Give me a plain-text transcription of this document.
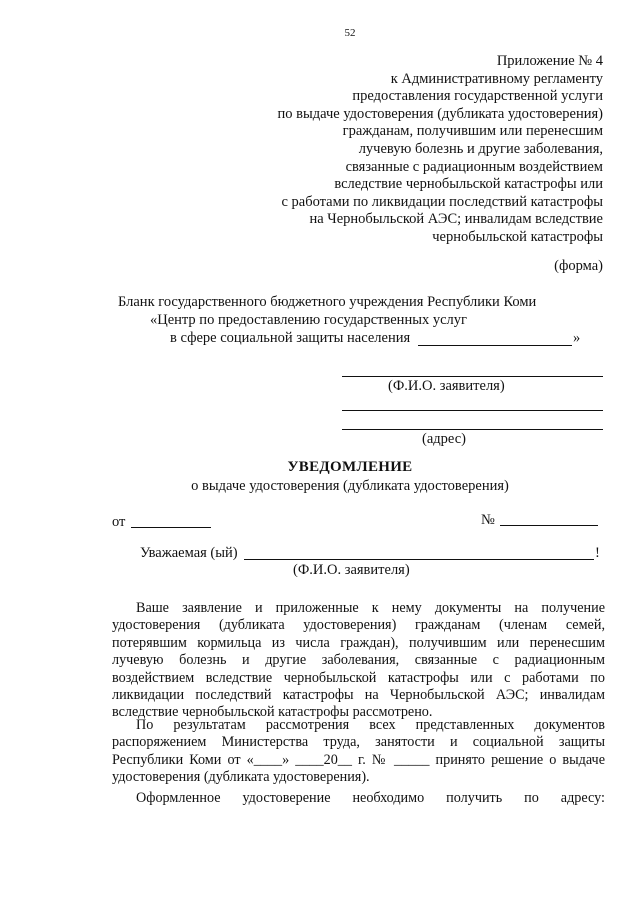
52
Приложение № 4
к Административному регламенту
предоставления государственной услуги
по выдаче удостоверения (дубликата удостоверения)
гражданам, получившим или перенесшим
лучевую болезнь и другие заболевания,
связанные с радиационным воздействием
вследствие чернобыльской катастрофы или
с работами по ликвидации последствий катастрофы
на Чернобыльской АЭС; инвалидам вследствие
чернобыльской катастрофы
(форма)
Бланк государственного бюджетного учреждения Республики Коми
«Центр по предоставлению государственных услуг
в сфере социальной защиты населения	»
(Ф.И.О. заявителя)
(адрес)
УВЕДОМЛЕНИЕ
о выдаче удостоверения (дубликата удостоверения)
от	№
Уважаемая (ый)	!
(Ф.И.О. заявителя)
Ваше заявление и приложенные к нему документы на получение удостоверения (дубликата удостоверения) гражданам (членам семей, потерявшим кормильца из числа граждан), получившим или перенесшим лучевую болезнь и другие заболевания, связанные с радиационным воздействием вследствие чернобыльской катастрофы или с работами по ликвидации последствий катастрофы на Чернобыльской АЭС; инвалидам вследствие чернобыльской катастрофы рассмотрено.
По результатам рассмотрения всех представленных документов распоряжением Министерства труда, занятости и социальной защиты Республики Коми от «____» ____20__ г. № _____ принято решение о выдаче удостоверения (дубликата удостоверения).
Оформленное удостоверение необходимо получить по адресу:
